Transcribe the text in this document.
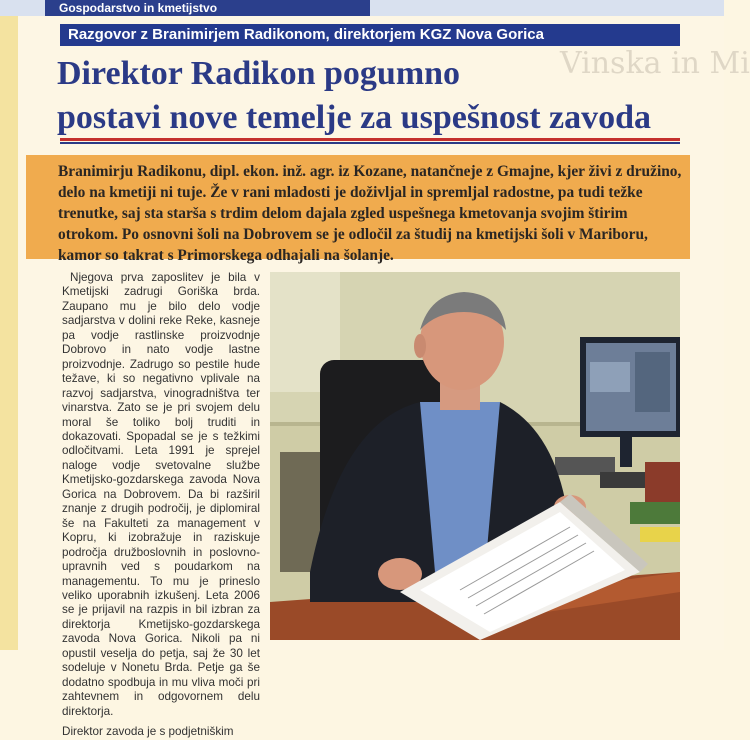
Gospodarstvo in kmetijstvo
Vinska in Mi
Razgovor z Branimirjem Radikonom, direktorjem KGZ Nova Gorica
Direktor Radikon pogumno
postavi nove temelje za uspešnost zavoda

Branimirju Radikonu, dipl. ekon. inž. agr. iz Kozane, natančneje z Gmajne, kjer živi z družino, delo na kmetiji ni tuje. Že v rani mladosti je doživljal in spremljal radostne, pa tudi težke trenutke, saj sta starša s trdim delom dajala zgled uspešnega kmetovanja svojim štirim otrokom. Po osnovni šoli na Dobrovem se je odločil za študij na kmetijski šoli v Mariboru, kamor so takrat s Primorskega odhajali na šolanje.

Njegova prva zaposlitev je bila v Kmetijski zadrugi Goriška brda. Zaupano mu je bilo delo vodje sadjarstva v dolini reke Reke, kasneje pa vodje rastlinske proizvodnje Dobrovo in nato vodje lastne proizvodnje. Zadrugo so pestile hude težave, ki so negativno vplivale na razvoj sadjarstva, vinogradništva ter vinarstva. Zato se je pri svojem delu moral še toliko bolj truditi in dokazovati. Spopadal se je s težkimi odločitvami. Leta 1991 je sprejel naloge vodje svetovalne službe Kmetijsko-gozdarskega zavoda Nova Gorica na Dobrovem. Da bi razširil znanje z drugih področij, je diplomiral še na Fakulteti za management v Kopru, ki izobražuje in raziskuje področja družboslovnih in poslovno-upravnih ved s poudarkom na managementu. To mu je prineslo veliko uporabnih izkušenj. Leta 2006 se je prijavil na razpis in bil izbran za direktorja Kmetijsko-gozdarskega zavoda Nova Gorica. Nikoli pa ni opustil veselja do petja, saj že 30 let sodeluje v Nonetu Brda. Petje ga še dodatno spodbuja in mu vliva moči pri zahtevnem in odgovornem delu direktorja.

Direktor zavoda je s podjetniškim
